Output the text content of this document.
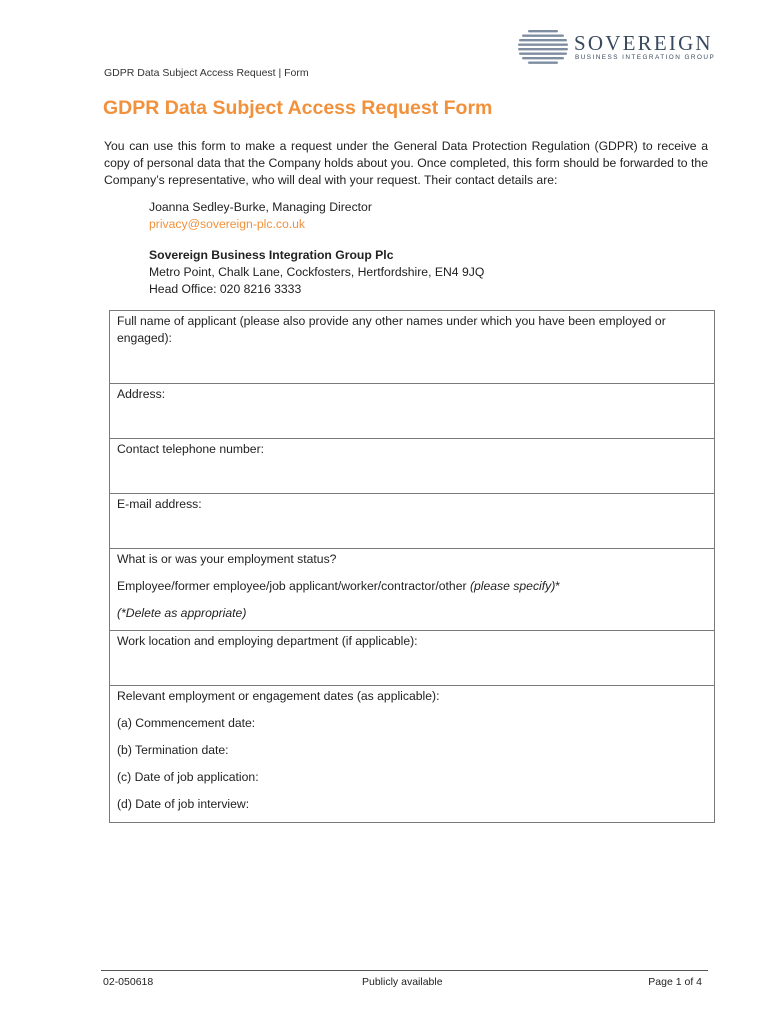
SOVEREIGN
BUSINESS INTEGRATION GROUP
GDPR Data Subject Access Request | Form
GDPR Data Subject Access Request Form

You can use this form to make a request under the General Data Protection Regulation (GDPR) to receive a copy of personal data that the Company holds about you. Once completed, this form should be forwarded to the Company’s representative, who will deal with your request. Their contact details are:

Joanna Sedley-Burke, Managing Director
privacy@sovereign-plc.co.uk
Sovereign Business Integration Group Plc
Metro Point, Chalk Lane, Cockfosters, Hertfordshire, EN4 9JQ
Head Office: 020 8216 3333

Full name of applicant (please also provide any other names under which you have been employed or engaged):

Address:

Contact telephone number:

E-mail address:

What is or was your employment status?

Employee/former employee/job applicant/worker/contractor/other (please specify)*

(*Delete as appropriate)

Work location and employing department (if applicable):

Relevant employment or engagement dates (as applicable):

(a) Commencement date:

(b) Termination date:

(c) Date of job application:

(d) Date of job interview:

02-050618	Publicly available	Page 1 of 4
